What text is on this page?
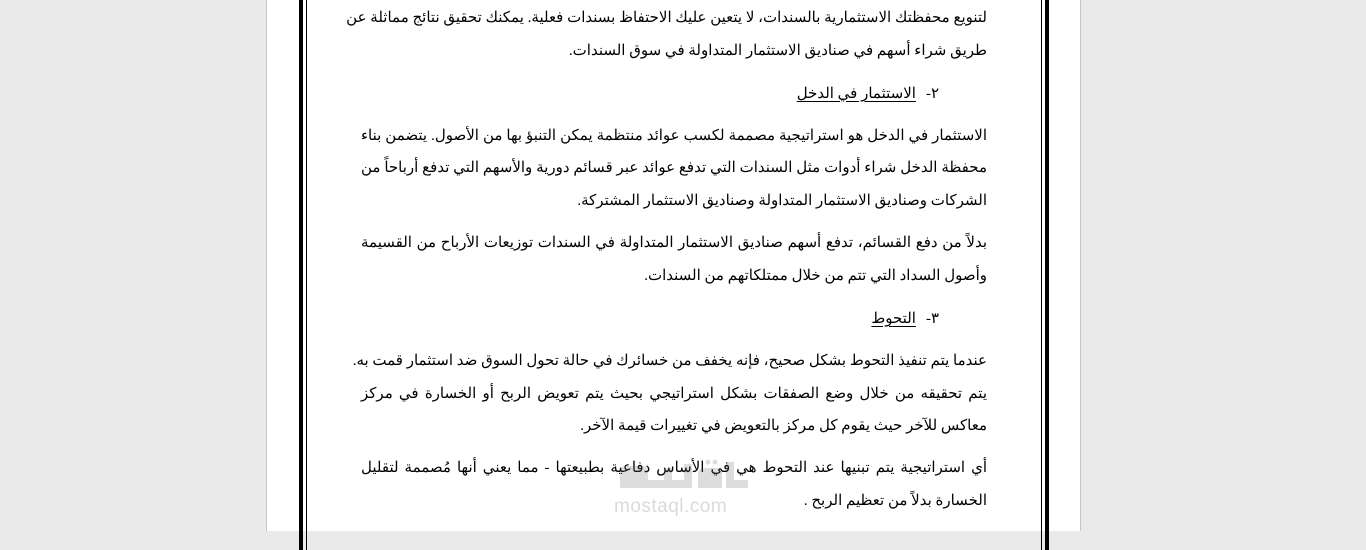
لتنويع محفظتك الاستثمارية بالسندات، لا يتعين عليك الاحتفاظ بسندات فعلية. يمكنك تحقيق نتائج مماثلة عن
طريق شراء أسهم في صناديق الاستثمار المتداولة في سوق السندات.
٢-الاستثمار في الدخل
الاستثمار في الدخل هو استراتيجية مصممة لكسب عوائد منتظمة يمكن التنبؤ بها من الأصول. يتضمن بناء
محفظة الدخل شراء أدوات مثل السندات التي تدفع عوائد عبر قسائم دورية والأسهم التي تدفع أرباحاً من
الشركات وصناديق الاستثمار المتداولة وصناديق الاستثمار المشتركة.
بدلاً من دفع القسائم، تدفع أسهم صناديق الاستثمار المتداولة في السندات توزيعات الأرباح من القسيمة
وأصول السداد التي تتم من خلال ممتلكاتهم من السندات.
٣-التحوط
عندما يتم تنفيذ التحوط بشكل صحيح، فإنه يخفف من خسائرك في حالة تحول السوق ضد استثمار قمت به.
يتم تحقيقه من خلال وضع الصفقات بشكل استراتيجي بحيث يتم تعويض الربح أو الخسارة في مركز
معاكس للآخر حيث يقوم كل مركز بالتعويض في تغييرات قيمة الآخر.
أي استراتيجية يتم تبنيها عند التحوط هي في الأساس دفاعية بطبيعتها - مما يعني أنها مُصممة لتقليل
الخسارة بدلاً من تعظيم الربح .
mostaql.com
